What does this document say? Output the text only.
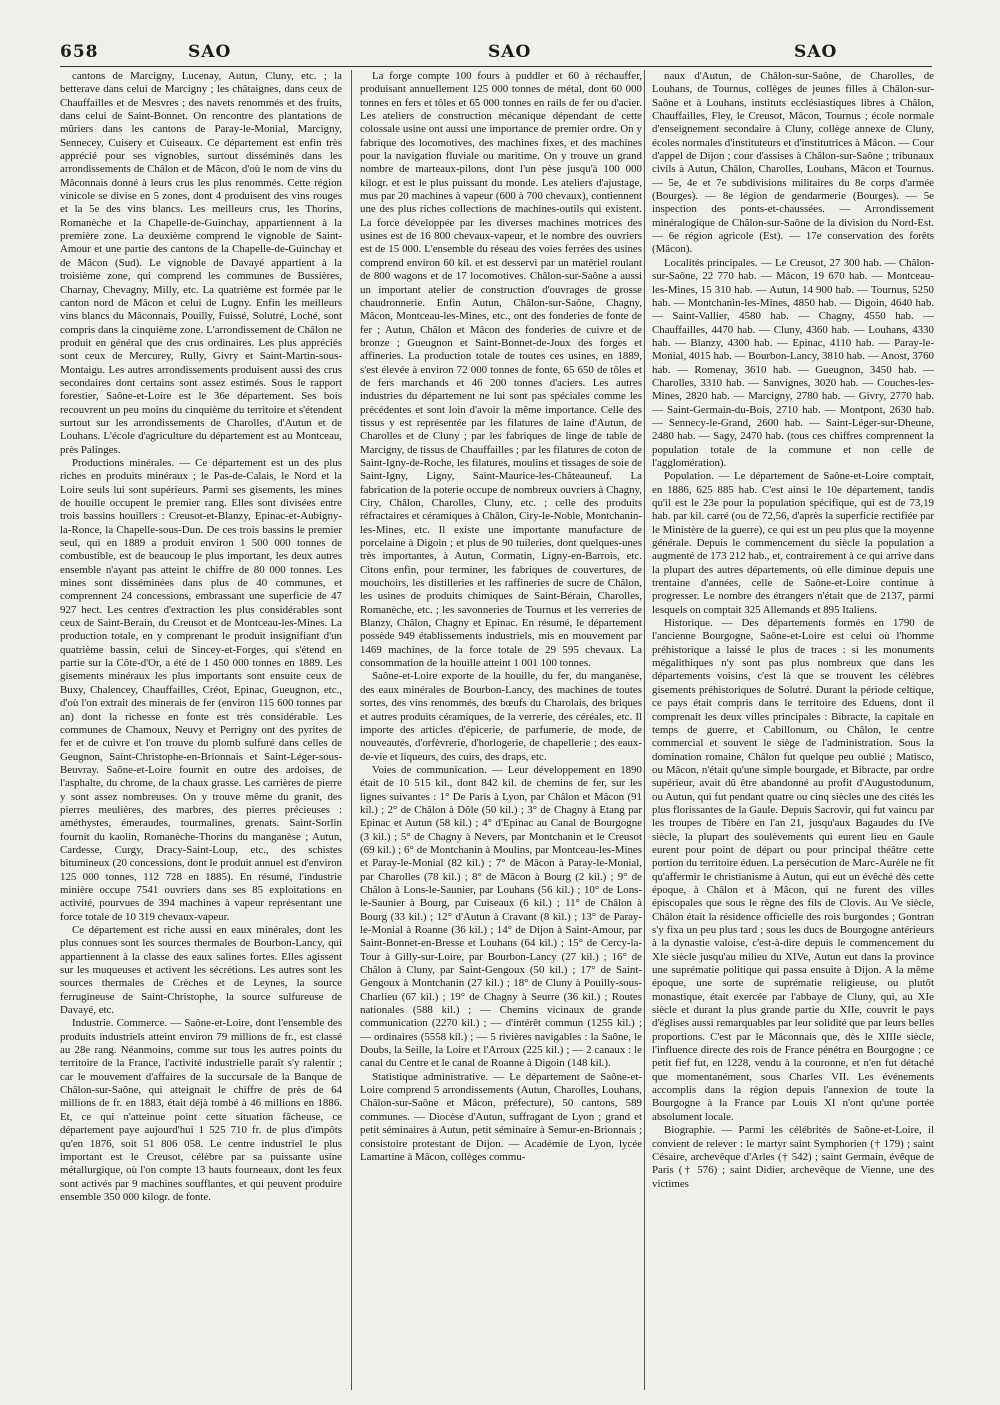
658	SAO	SAO	SAO

cantons de Marcigny, Lucenay, Autun, Cluny, etc. ; la betterave dans celui de Marcigny ; les châtaignes, dans ceux de Chauffailles et de Mesvres ; des navets renommés et des fruits, dans celui de Saint-Bonnet. On rencontre des plantations de mûriers dans les cantons de Paray-le-Monial, Marcigny, Sennecey, Cuisery et Cuiseaux. Ce département est enfin très apprécié pour ses vignobles, surtout disséminés dans les arrondissements de Châlon et de Mâcon, d'où le nom de vins du Mâconnais donné à leurs crus les plus renommés. Cette région vinicole se divise en 5 zones, dont 4 produisent des vins rouges et la 5e des vins blancs. Les meilleurs crus, les Thorins, Romanèche et la Chapelle-de-Guinchay, appartiennent à la première zone. La deuxième comprend le vignoble de Saint-Amour et une partie des cantons de la Chapelle-de-Guinchay et de Mâcon (Sud). Le vignoble de Davayé appartient à la troisième zone, qui comprend les communes de Bussières, Charnay, Chevagny, Milly, etc. La quatrième est formée par le canton nord de Mâcon et celui de Lugny. Enfin les meilleurs vins blancs du Mâconnais, Pouilly, Fuissé, Solutré, Loché, sont compris dans la cinquième zone. L'arrondissement de Châlon ne produit en général que des crus ordinaires. Les plus appréciés sont ceux de Mercurey, Rully, Givry et Saint-Martin-sous-Montaigu. Les autres arrondissements produisent aussi des crus secondaires dont certains sont assez estimés. Sous le rapport forestier, Saône-et-Loire est le 36e département. Ses bois recouvrent un peu moins du cinquième du territoire et s'étendent surtout sur les arrondissements de Charolles, d'Autun et de Louhans. L'école d'agriculture du département est au Montceau, près Palinges.

Productions minérales. — Ce département est un des plus riches en produits minéraux ; le Pas-de-Calais, le Nord et la Loire seuls lui sont supérieurs. Parmi ses gisements, les mines de houille occupent le premier rang. Elles sont divisées entre trois bassins houillers : Creusot-et-Blanzy, Epinac-et-Aubigny-la-Ronce, la Chapelle-sous-Dun. De ces trois bassins le premier seul, qui en 1889 a produit environ 1 500 000 tonnes de combustible, est de beaucoup le plus important, les deux autres ensemble n'ayant pas atteint le chiffre de 80 000 tonnes. Les mines sont disséminées dans plus de 40 communes, et comprennent 24 concessions, embrassant une superficie de 47 927 hect. Les centres d'extraction les plus considérables sont ceux de Saint-Berain, du Creusot et de Montceau-les-Mines. La production totale, en y comprenant le produit insignifiant d'un quatrième bassin, celui de Sincey-et-Forges, qui s'étend en partie sur la Côte-d'Or, a été de 1 450 000 tonnes en 1889. Les gisements minéraux les plus importants sont ensuite ceux de Buxy, Chalencey, Chauffailles, Créot, Epinac, Gueugnon, etc., d'où l'on extrait des minerais de fer (environ 115 600 tonnes par an) dont la richesse en fonte est très considérable. Les communes de Chamoux, Neuvy et Perrigny ont des pyrites de fer et de cuivre et l'on trouve du plomb sulfuré dans celles de Geugnon, Saint-Christophe-en-Brionnais et Saint-Léger-sous-Beuvray. Saône-et-Loire fournit en outre des ardoises, de l'asphalte, du chrome, de la chaux grasse. Les carrières de pierre y sont assez nombreuses. On y trouve même du granit, des pierres meulières, des marbres, des pierres précieuses : améthystes, émeraudes, tourmalines, grenats. Saint-Sorlin fournit du kaolin, Romanèche-Thorins du manganèse ; Autun, Cardesse, Curgy, Dracy-Saint-Loup, etc., des schistes bitumineux (20 concessions, dont le produit annuel est d'environ 125 000 tonnes, 112 728 en 1885). En résumé, l'industrie minière occupe 7541 ouvriers dans ses 85 exploitations en activité, pourvues de 394 machines à vapeur représentant une force totale de 10 319 chevaux-vapeur.

Ce département est riche aussi en eaux minérales, dont les plus connues sont les sources thermales de Bourbon-Lancy, qui appartiennent à la classe des eaux salines fortes. Elles agissent sur les muqueuses et activent les sécrétions. Les autres sont les sources thermales de Crèches et de Leynes, la source ferrugineuse de Saint-Christophe, la source sulfureuse de Davayé, etc.

Industrie. Commerce. — Saône-et-Loire, dont l'ensemble des produits industriels atteint environ 79 millions de fr., est classé au 28e rang. Néanmoins, comme sur tous les autres points du territoire de la France, l'activité industrielle paraît s'y ralentir ; car le mouvement d'affaires de la succursale de la Banque de Châlon-sur-Saône, qui atteignait le chiffre de près de 64 millions de fr. en 1883, était déjà tombé à 46 millions en 1886. Et, ce qui n'atteinue point cette situation fâcheuse, ce département paye aujourd'hui 1 525 710 fr. de plus d'impôts qu'en 1876, soit 51 806 058. Le centre industriel le plus important est le Creusot, célèbre par sa puissante usine métallurgique, où l'on compte 13 hauts fourneaux, dont les feux sont activés par 9 machines soufflantes, et qui peuvent produire ensemble 350 000 kilogr. de fonte.

La forge compte 100 fours à puddler et 60 à réchauffer, produisant annuellement 125 000 tonnes de métal, dont 60 000 tonnes en fers et tôles et 65 000 tonnes en rails de fer ou d'acier. Les ateliers de construction mécanique dépendant de cette colossale usine ont aussi une importance de premier ordre. On y fabrique des locomotives, des machines fixes, et des machines pour la navigation fluviale ou maritime. On y trouve un grand nombre de marteaux-pilons, dont l'un pèse jusqu'à 100 000 kilogr. et est le plus puissant du monde. Les ateliers d'ajustage, mus par 20 machines à vapeur (600 à 700 chevaux), contiennent une des plus riches collections de machines-outils qui existent. La force développée par les diverses machines motrices des usines est de 16 800 chevaux-vapeur, et le nombre des ouvriers est de 15 000. L'ensemble du réseau des voies ferrées des usines comprend environ 60 kil. et est desservi par un matériel roulant de 800 wagons et de 17 locomotives. Châlon-sur-Saône a aussi un important atelier de construction d'ouvrages de grosse chaudronnerie. Enfin Autun, Châlon-sur-Saône, Chagny, Mâcon, Montceau-les-Mines, etc., ont des fonderies de fonte de fer ; Autun, Châlon et Mâcon des fonderies de cuivre et de bronze ; Gueugnon et Saint-Bonnet-de-Joux des forges et affineries. La production totale de toutes ces usines, en 1889, s'est élevée à environ 72 000 tonnes de fonte, 65 650 de tôles et de fers marchands et 46 200 tonnes d'aciers. Les autres industries du département ne lui sont pas spéciales comme les précédentes et sont loin d'avoir la même importance. Celle des tissus y est représentée par les filatures de laine d'Autun, de Charolles et de Cluny ; par les fabriques de linge de table de Marcigny, de tissus de Chauffailles ; par les filatures de coton de Saint-Igny-de-Roche, les filatures, moulins et tissages de soie de Saint-Igny, Ligny, Saint-Maurice-les-Châteauneuf. La fabrication de la poterie occupe de nombreux ouvriers à Chagny, Ciry, Châlon, Charolles, Cluny, etc. ; celle des produits réfractaires et céramiques à Châlon, Ciry-le-Noble, Montchanin-les-Mines, etc. Il existe une importante manufacture de porcelaine à Digoin ; et plus de 90 tuileries, dont quelques-unes très importantes, à Autun, Cormatin, Ligny-en-Barrois, etc. Citons enfin, pour terminer, les fabriques de couvertures, de mouchoirs, les distilleries et les raffineries de sucre de Châlon, les usines de produits chimiques de Saint-Bérain, Charolles, Romanèche, etc. ; les savonneries de Tournus et les verreries de Blanzy, Châlon, Chagny et Epinac. En résumé, le département possède 949 établissements industriels, mis en mouvement par 1469 machines, de la force totale de 29 595 chevaux. La consommation de la houille atteint 1 001 100 tonnes.

Saône-et-Loire exporte de la houille, du fer, du manganèse, des eaux minérales de Bourbon-Lancy, des machines de toutes sortes, des vins renommés, des bœufs du Charolais, des briques et autres produits céramiques, de la verrerie, des céréales, etc. Il importe des articles d'épicerie, de parfumerie, de mode, de nouveautés, d'orfèvrerie, d'horlogerie, de chapellerie ; des eaux-de-vie et liqueurs, des cuirs, des draps, etc.

Voies de communication. — Leur développement en 1890 était de 10 515 kil., dont 842 kil. de chemins de fer, sur les lignes suivantes : 1° De Paris à Lyon, par Châlon et Mâcon (91 kil.) ; 2° de Châlon à Dôle (50 kil.) ; 3° de Chagny à Etang par Epinac et Autun (58 kil.) ; 4° d'Epinac au Canal de Bourgogne (3 kil.) ; 5° de Chagny à Nevers, par Montchanin et le Creusot (69 kil.) ; 6° de Montchanin à Moulins, par Montceau-les-Mines et Paray-le-Monial (82 kil.) ; 7° de Mâcon à Paray-le-Monial, par Charolles (78 kil.) ; 8° de Mâcon à Bourg (2 kil.) ; 9° de Châlon à Lons-le-Saunier, par Louhans (56 kil.) ; 10° de Lons-le-Saunier à Bourg, par Cuiseaux (6 kil.) ; 11° de Châlon à Bourg (33 kil.) ; 12° d'Autun à Cravant (8 kil.) ; 13° de Paray-le-Monial à Roanne (36 kil.) ; 14° de Dijon à Saint-Amour, par Saint-Bonnet-en-Bresse et Louhans (64 kil.) ; 15° de Cercy-la-Tour à Gilly-sur-Loire, par Bourbon-Lancy (27 kil.) ; 16° de Châlon à Cluny, par Saint-Gengoux (50 kil.) ; 17° de Saint-Gengoux à Montchanin (27 kil.) ; 18° de Cluny à Pouilly-sous-Charlieu (67 kil.) ; 19° de Chagny à Seurre (36 kil.) ; Routes nationales (588 kil.) ; — Chemins vicinaux de grande communication (2270 kil.) ; — d'intérêt commun (1255 kil.) ; — ordinaires (5558 kil.) ; — 5 rivières navigables : la Saône, le Doubs, la Seille, la Loire et l'Arroux (225 kil.) ; — 2 canaux : le canal du Centre et le canal de Roanne à Digoin (148 kil.).

Statistique administrative. — Le département de Saône-et-Loire comprend 5 arrondissements (Autun, Charolles, Louhans, Châlon-sur-Saône et Mâcon, préfecture), 50 cantons, 589 communes. — Diocèse d'Autun, suffragant de Lyon ; grand et petit séminaires à Autun, petit séminaire à Semur-en-Brionnais ; consistoire protestant de Dijon. — Académie de Lyon, lycée Lamartine à Mâcon, collèges commu-

naux d'Autun, de Châlon-sur-Saône, de Charolles, de Louhans, de Tournus, collèges de jeunes filles à Châlon-sur-Saône et à Louhans, instituts ecclésiastiques libres à Châlon, Chauffailles, Fley, le Creusot, Mâcon, Tournus ; école normale d'enseignement secondaire à Cluny, collège annexe de Cluny, écoles normales d'instituteurs et d'institutrices à Mâcon. — Cour d'appel de Dijon ; cour d'assises à Châlon-sur-Saône ; tribunaux civils à Autun, Châlon, Charolles, Louhans, Mâcon et Tournus. — 5e, 4e et 7e subdivisions militaires du 8e corps d'armée (Bourges). — 8e légion de gendarmerie (Bourges). — 5e inspection des ponts-et-chaussées. — Arrondissement minéralogique de Châlon-sur-Saône de la division du Nord-Est. — 6e région agricole (Est). — 17e conservation des forêts (Mâcon).

Localités principales. — Le Creusot, 27 300 hab. — Châlon-sur-Saône, 22 770 hab. — Mâcon, 19 670 hab. — Montceau-les-Mines, 15 310 hab. — Autun, 14 900 hab. — Tournus, 5250 hab. — Montchanin-les-Mines, 4850 hab. — Digoin, 4640 hab. — Saint-Vallier, 4580 hab. — Chagny, 4550 hab. — Chauffailles, 4470 hab. — Cluny, 4360 hab. — Louhans, 4330 hab. — Blanzy, 4300 hab. — Epinac, 4110 hab. — Paray-le-Monial, 4015 hab. — Bourbon-Lancy, 3810 hab. — Anost, 3760 hab. — Romenay, 3610 hab. — Gueugnon, 3450 hab. — Charolles, 3310 hab. — Sanvignes, 3020 hab. — Couches-les-Mines, 2820 hab. — Marcigny, 2780 hab. — Givry, 2770 hab. — Saint-Germain-du-Bois, 2710 hab. — Montpont, 2630 hab. — Sennecy-le-Grand, 2600 hab. — Saint-Léger-sur-Dheune, 2480 hab. — Sagy, 2470 hab. (tous ces chiffres comprennent la population totale de la commune et non celle de l'agglomération).

Population. — Le département de Saône-et-Loire comptait, en 1886, 625 885 hab. C'est ainsi le 10e département, tandis qu'il est le 23e pour la population spécifique, qui est de 73,19 hab. par kil. carré (ou de 72,56, d'après la superficie rectifiée par le Ministère de la guerre), ce qui est un peu plus que la moyenne générale. Depuis le commencement du siècle la population a augmenté de 173 212 hab., et, contrairement à ce qui arrive dans la plupart des autres départements, où elle diminue depuis une trentaine d'années, celle de Saône-et-Loire continue à progresser. Le nombre des étrangers n'était que de 2137, parmi lesquels on comptait 325 Allemands et 895 Italiens.

Historique. — Des départements formés en 1790 de l'ancienne Bourgogne, Saône-et-Loire est celui où l'homme préhistorique a laissé le plus de traces : si les monuments mégalithiques n'y sont pas plus nombreux que dans les départements voisins, c'est là que se trouvent les célèbres gisements préhistoriques de Solutré. Durant la période celtique, ce pays était compris dans le territoire des Eduens, dont il comprenait les deux villes principales : Bibracte, la capitale en temps de guerre, et Cabillonum, ou Châlon, le centre commercial et souvent le siège de l'administration. Sous la domination romaine, Châlon fut quelque peu oublié ; Matisco, ou Mâcon, n'était qu'une simple bourgade, et Bibracte, par ordre supérieur, avait dû être abandonné au profit d'Augustodunum, ou Autun, qui fut pendant quatre ou cinq siècles une des cités les plus florissantes de la Gaule. Depuis Sacrovir, qui fut vaincu par les troupes de Tibère en l'an 21, jusqu'aux Bagaudes du IVe siècle, la plupart des soulèvements qui eurent lieu en Gaule eurent pour point de départ ou pour principal théâtre cette portion du territoire éduen. La persécution de Marc-Aurèle ne fit qu'affermir le christianisme à Autun, qui eut un évêché dès cette époque, à Châlon et à Mâcon, qui ne furent des villes épiscopales que sous le règne des fils de Clovis. Au Ve siècle, Châlon était la résidence officielle des rois burgondes ; Gontran s'y fixa un peu plus tard ; sous les ducs de Bourgogne antérieurs à la dynastie valoise, c'est-à-dire depuis le commencement du XIe siècle jusqu'au milieu du XIVe, Autun eut dans la province une suprématie politique qui passa ensuite à Dijon. A la même époque, une sorte de suprématie religieuse, ou plutôt monastique, était exercée par l'abbaye de Cluny, qui, au XIe siècle et durant la plus grande partie du XIIe, couvrit le pays d'églises aussi remarquables par leur solidité que par leurs belles proportions. C'est par le Mâconnais que, dès le XIIIe siècle, l'influence directe des rois de France pénétra en Bourgogne ; ce petit fief fut, en 1228, vendu à la couronne, et n'en fut détaché que momentanément, sous Charles VII. Les événements accomplis dans la région depuis l'annexion de toute la Bourgogne à la France par Louis XI n'ont qu'une portée absolument locale.

Biographie. — Parmi les célébrités de Saône-et-Loire, il convient de relever : le martyr saint Symphorien († 179) ; saint Césaire, archevêque d'Arles († 542) ; saint Germain, évêque de Paris († 576) ; saint Didier, archevêque de Vienne, une des victimes
